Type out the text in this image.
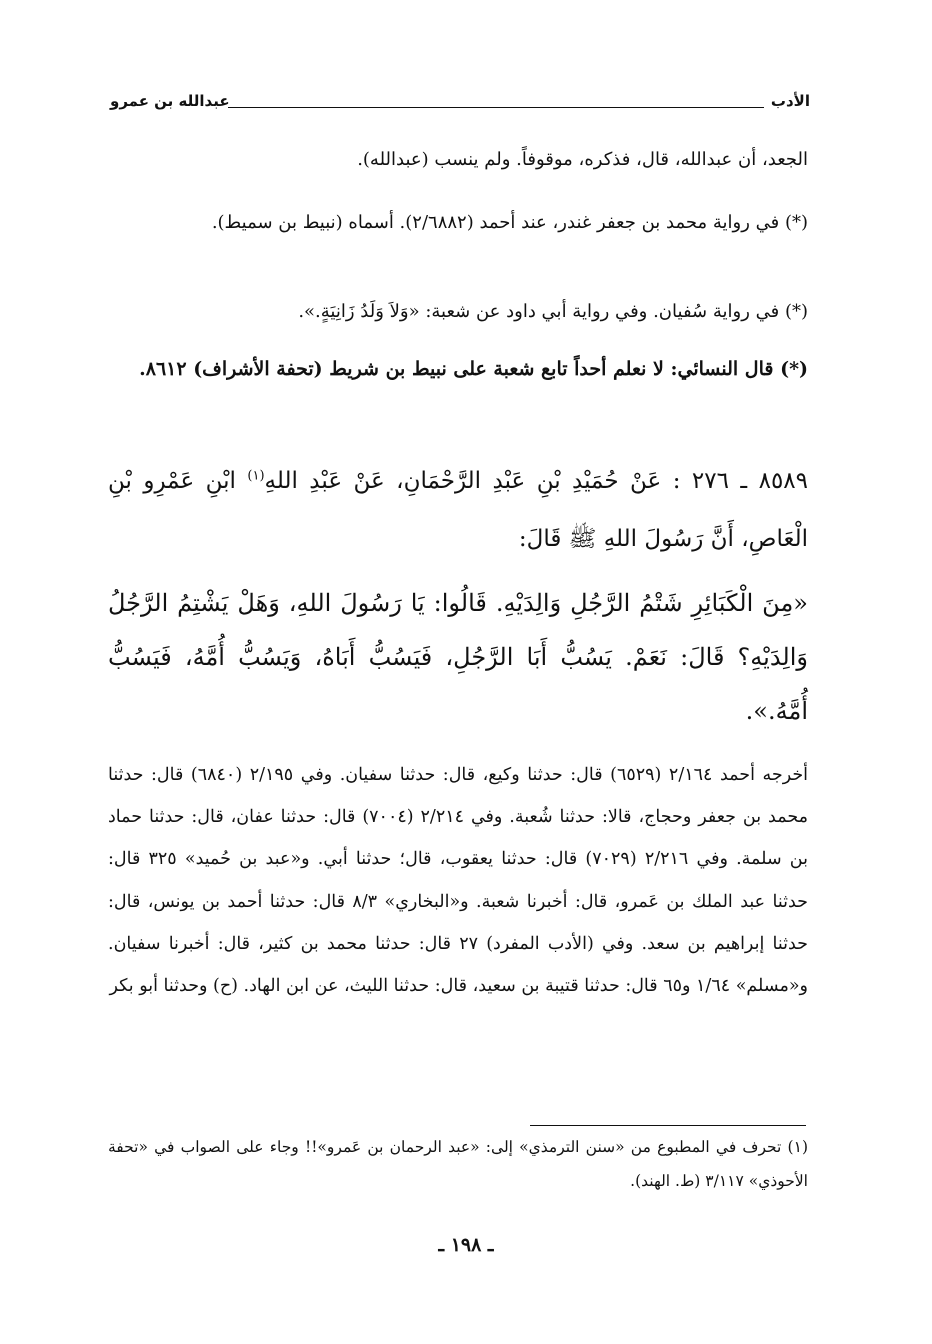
الأدب
عبدالله بن عمرو
الجعد، أن عبدالله، قال، فذكره، موقوفاً. ولم ينسب (عبدالله).
(*) في رواية محمد بن جعفر غندر، عند أحمد (٢/٦٨٨٢). أسماه (نبيط بن سميط).
(*) في رواية سُفيان. وفي رواية أبي داود عن شعبة: «وَلاَ وَلَدُ زَانِيَةٍ.».
(*) قال النسائي: لا نعلم أحداً تابع شعبة على نبيط بن شريط (تحفة الأشراف) ٨٦١٢.
٨٥٨٩ ـ ٢٧٦ : عَنْ حُمَيْدِ بْنِ عَبْدِ الرَّحْمَانِ، عَنْ عَبْدِ اللهِ$^{(١)}$ ابْنِ عَمْرِو بْنِ الْعَاصِ، أَنَّ رَسُولَ اللهِ ﷺ قَالَ:
«مِنَ الْكَبَائِرِ شَتْمُ الرَّجُلِ وَالِدَيْهِ. قَالُوا: يَا رَسُولَ اللهِ، وَهَلْ يَشْتِمُ الرَّجُلُ وَالِدَيْهِ؟ قَالَ: نَعَمْ. يَسُبُّ أَبَا الرَّجُلِ، فَيَسُبُّ أَبَاهُ، وَيَسُبُّ أُمَّهُ، فَيَسُبُّ أُمَّهُ.».
أخرجه أحمد ٢/١٦٤ (٦٥٢٩) قال: حدثنا وكيع، قال: حدثنا سفيان. وفي ٢/١٩٥ (٦٨٤٠) قال: حدثنا محمد بن جعفر وحجاج، قالا: حدثنا شُعبة. وفي ٢/٢١٤ (٧٠٠٤) قال: حدثنا عفان، قال: حدثنا حماد بن سلمة. وفي ٢/٢١٦ (٧٠٢٩) قال: حدثنا يعقوب، قال؛ حدثنا أبي. و«عبد بن حُميد» ٣٢٥ قال: حدثنا عبد الملك بن عَمرو، قال: أخبرنا شعبة. و«البخاري» ٨/٣ قال: حدثنا أحمد بن يونس، قال: حدثنا إبراهيم بن سعد. وفي (الأدب المفرد) ٢٧ قال: حدثنا محمد بن كثير، قال: أخبرنا سفيان. و«مسلم» ١/٦٤ و٦٥ قال: حدثنا قتيبة بن سعيد، قال: حدثنا الليث، عن ابن الهاد. (ح) وحدثنا أبو بكر
(١) تحرف في المطبوع من «سنن الترمذي» إلى: «عبد الرحمان بن عَمرو»!! وجاء على الصواب في «تحفة الأحوذي» ٣/١١٧ (ط. الهند).
ـ ١٩٨ ـ
